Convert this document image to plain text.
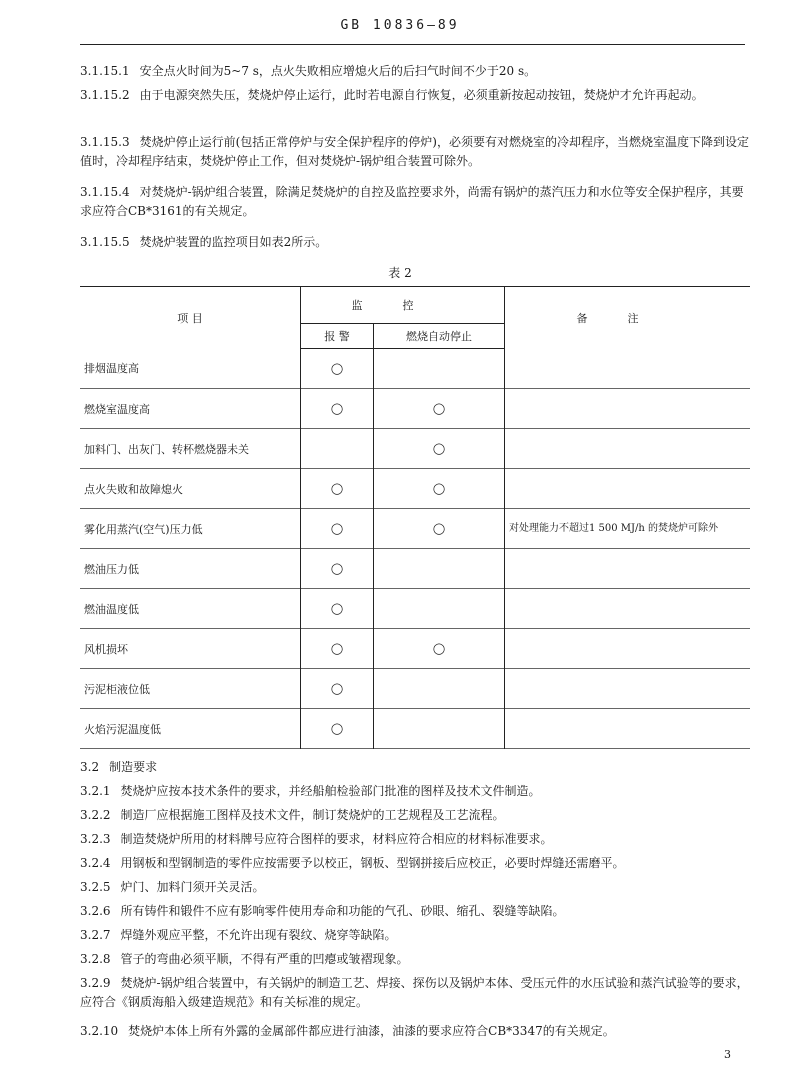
GB 10836—89

3.1.15.1 安全点火时间为5~7 s，点火失败相应增熄火后的后扫气时间不少于20 s。

3.1.15.2 由于电源突然失压，焚烧炉停止运行，此时若电源自行恢复，必须重新按起动按钮，焚烧炉才允许再起动。

3.1.15.3 焚烧炉停止运行前(包括正常停炉与安全保护程序的停炉)，必须要有对燃烧室的冷却程序，当燃烧室温度下降到设定值时，冷却程序结束，焚烧炉停止工作，但对焚烧炉-锅炉组合装置可除外。

3.1.15.4 对焚烧炉-锅炉组合装置，除满足焚烧炉的自控及监控要求外，尚需有锅炉的蒸汽压力和水位等安全保护程序，其要求应符合CB*3161的有关规定。

3.1.15.5 焚烧炉装置的监控项目如表2所示。

表 2
项 目	监控		备注
	报 警	燃烧自动停止	
排烟温度高	◯		
燃烧室温度高	◯	◯	
加料门、出灰门、转杯燃烧器未关		◯	
点火失败和故障熄火	◯	◯	
雾化用蒸汽(空气)压力低	◯	◯	对处理能力不超过1 500 MJ/h 的焚烧炉可除外
燃油压力低	◯		
燃油温度低	◯		
风机损坏	◯	◯	
污泥柜液位低	◯		
火焰污泥温度低	◯		

3.2 制造要求

3.2.1 焚烧炉应按本技术条件的要求，并经船舶检验部门批准的图样及技术文件制造。

3.2.2 制造厂应根据施工图样及技术文件，制订焚烧炉的工艺规程及工艺流程。

3.2.3 制造焚烧炉所用的材料牌号应符合图样的要求，材料应符合相应的材料标准要求。

3.2.4 用钢板和型钢制造的零件应按需要予以校正，钢板、型钢拼接后应校正，必要时焊缝还需磨平。

3.2.5 炉门、加料门须开关灵活。

3.2.6 所有铸件和锻件不应有影响零件使用寿命和功能的气孔、砂眼、缩孔、裂缝等缺陷。

3.2.7 焊缝外观应平整，不允许出现有裂纹、烧穿等缺陷。

3.2.8 管子的弯曲必须平顺，不得有严重的凹瘪或皱褶现象。

3.2.9 焚烧炉-锅炉组合装置中，有关锅炉的制造工艺、焊接、探伤以及锅炉本体、受压元件的水压试验和蒸汽试验等的要求，应符合《钢质海船入级建造规范》和有关标准的规定。

3.2.10 焚烧炉本体上所有外露的金属部件都应进行油漆，油漆的要求应符合CB*3347的有关规定。

3
